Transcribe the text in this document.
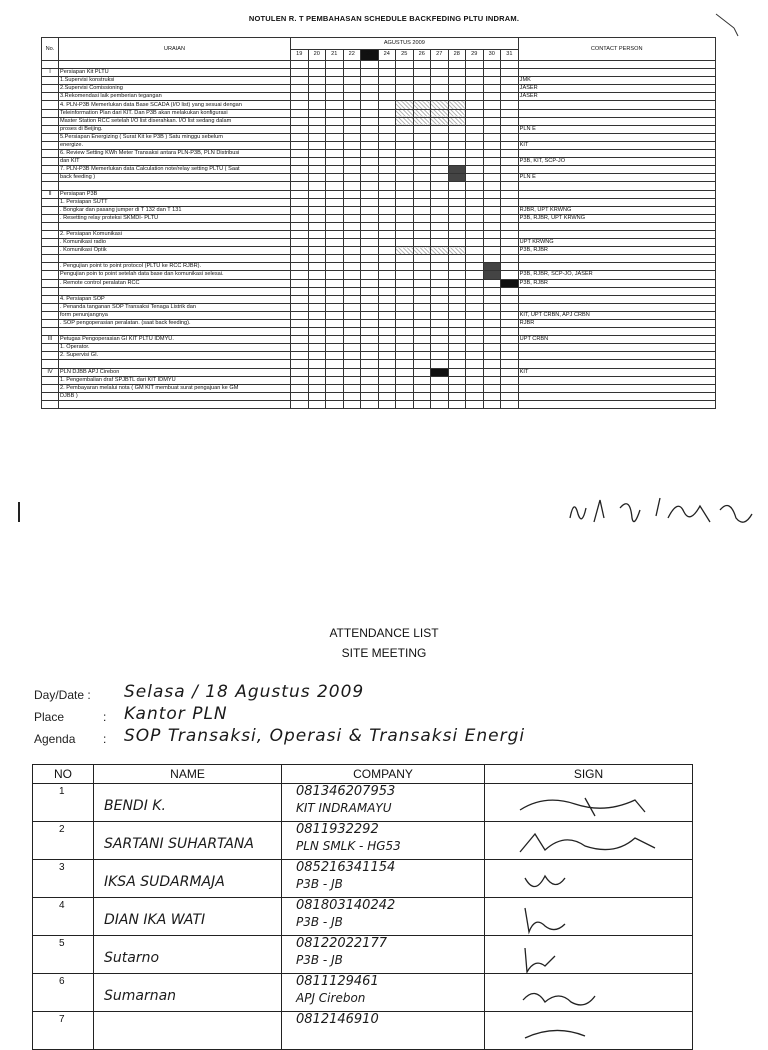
NOTULEN R. T PEMBAHASAN SCHEDULE BACKFEDING PLTU INDRAM.
No.	URAIAN	AGUSTUS 2009													CONTACT PERSON
		19	20	21	22	23	24	25	26	27	28	29	30	31	

I	Persiapan Kit PLTU														
	1.Supervisi konstruksi														JMK
	2.Supervisi Comissioning														JASER
	3.Rekomendasi laik pemberian tegangan														JASER
	4. PLN-P3B Memerlukan data Base SCADA (I/O list) yang sesuai dengan														
	Teleinformation Plan dari KIT. Dan P3B akan melakukan konfigurasi														
	Master Station RCC setelah I/O list diserahkan. I/O list sedang dalam														
	proses di Beijing.														PLN E
	5.Persiapan Energizing ( Surat Kit ke P3B ) Satu minggu sebelum														
	energize.														KIT
	6. Review Setting KWh Meter Transaksi antara PLN-P3B, PLN Distribusi														
	dan KIT														P3B, KIT, SCP-JO
	7. PLN-P3B Memerlukan data Calculation note/relay setting PLTU ( Saat														
	back feeding )														PLN E

II	Persiapan P3B														
	1. Persiapan SUTT														
	. Bongkar dan pasang jumper di T 132 dan T 131														RJBR, UPT KRWNG
	. Resetting relay proteksi SKMDI- PLTU														P3B, RJBR, UPT KRWNG

	2. Persiapan Komunikasi														
	. Komunikasi radio														UPT KRWNG
	. Komunikasi Optik														P3B, RJBR

	. Pengujian point to point protocol (PLTU ke RCC RJBR).														
	Pengujian poin to point setelah data base dan komunikasi selesai.														P3B, RJBR, SCP-JO, JASER
	. Remote control peralatan RCC														P3B, RJBR

	4. Persiapan SOP														
	. Penanda tanganan SOP Transaksi Tenaga Listrik dan														
	form penunjangnya														KIT, UPT CRBN, APJ CRBN
	. SOP pengoperasian peralatan. (saat back feeding).														RJBR

III	Petugas Pengoperasian GI KIT PLTU IDMYU.														UPT CRBN
	1. Operator.														
	2. Supervisi GI.														

IV	PLN DJBB APJ Cirebon														KIT
	1. Pengembalian draf SPJBTL dari KIT IDMYU														
	2. Pembayaran melalui nota ( GM KIT membuat surat pengajuan ke GM														
	DJBB )														

ATTENDANCE LIST
SITE MEETING
Day/Date : Selasa / 18 Agustus 2009
Place	: Kantor PLN
Agenda : SOP Transaksi, Operasi & Transaksi Energi
NO	NAME	COMPANY	SIGN

1	BENDI K.	081346207953
KIT INDRAMAYU

2	SARTANI SUHARTANA	0811932292
PLN SMLK - HG53

3	IKSA SUDARMAJA	085216341154
P3B - JB

4	DIAN IKA WATI	081803140242
P3B - JB

5	Sutarno	08122022177
P3B - JB

6	Sumarnan	0811129461
APJ Cirebon

7		0812146910
